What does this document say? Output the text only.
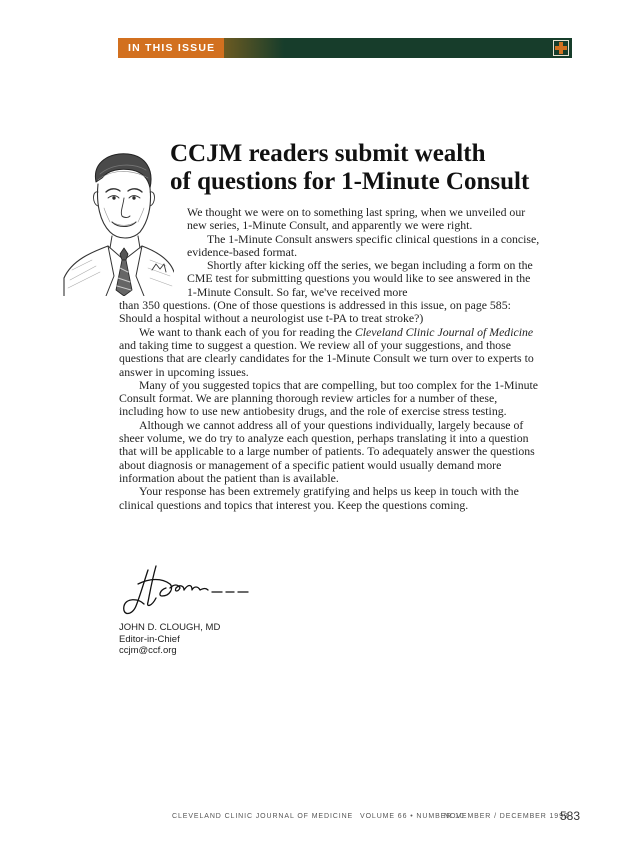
IN THIS ISSUE
CCJM readers submit wealth
of questions for 1-Minute Consult

We thought we were on to something last spring, when we unveiled our new series, 1-Minute Consult, and apparently we were right.

The 1-Minute Consult answers specific clinical questions in a concise, evidence-based format.

Shortly after kicking off the series, we began including a form on the CME test for submitting questions you would like to see answered in the 1-Minute Consult. So far, we've received more

than 350 questions. (One of those questions is addressed in this issue, on page 585: Should a hospital without a neurologist use t-PA to treat stroke?)

We want to thank each of you for reading the Cleveland Clinic Journal of Medicine and taking time to suggest a question. We review all of your suggestions, and those questions that are clearly candidates for the 1-Minute Consult we turn over to experts to answer in upcoming issues.

Many of you suggested topics that are compelling, but too complex for the 1-Minute Consult format. We are planning thorough review articles for a number of these, including how to use new antiobesity drugs, and the role of exercise stress testing.

Although we cannot address all of your questions individually, largely because of sheer volume, we do try to analyze each question, perhaps translating it into a question that will be applicable to a large number of patients. To adequately answer the questions about diagnosis or management of a specific patient would usually demand more information about the patient than is available.

Your response has been extremely gratifying and helps us keep in touch with the clinical questions and topics that interest you. Keep the questions coming.

JOHN D. CLOUGH, MD
Editor-in-Chief
ccjm@ccf.org
CLEVELAND CLINIC JOURNAL OF MEDICINE VOLUME 66 • NUMBER 10
NOVEMBER / DECEMBER 1999
583
